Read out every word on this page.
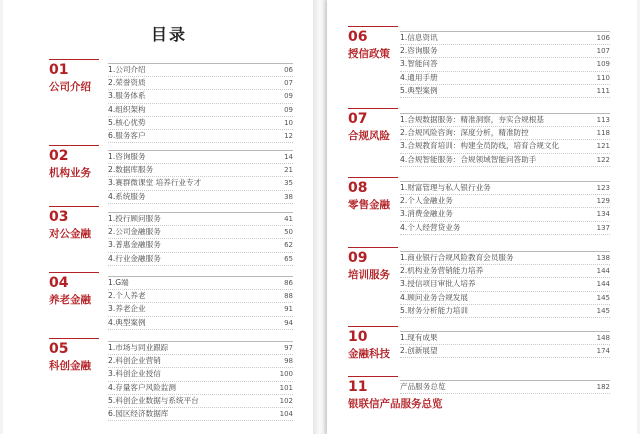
目录
01
公司介绍
1.公司介绍	06
2.荣誉资质	07
3.服务体系	09
4.组织架构	09
5.核心优势	10
6.服务客户	12
02
机构业务
1.咨询服务	14
2.数据库服务	21
3.赛群微课堂 培养行业专才	35
4.系统服务	38
03
对公金融
1.投行顾问服务	41
2.公司金融服务	50
3.普惠金融服务	62
4.行业金融服务	65
04
养老金融
1.G端	86
2.个人养老	88
3.养老企业	91
4.典型案例	94
05
科创金融
1.市场与同业跟踪	97
2.科创企业营销	98
3.科创企业授信	100
4.存量客户风险监测	101
5.科创企业数据与系统平台	102
6.园区经济数据库	104
06
授信政策
1.信息资讯	106
2.咨询服务	107
3.智能问答	109
4.通用手册	110
5.典型案例	111
07
合规风险
1.合规数据服务：精准洞察，夯实合规根基	113
2.合规风险咨询：深度分析，精准防控	118
3.合规教育培训：构建全员防线，培育合规文化	121
4.合规智能服务：合规领域智能问答助手	122
08
零售金融
1.财富管理与私人银行业务	123
2.个人金融业务	129
3.消费金融业务	134
4.个人经营贷业务	137
09
培训服务
1.商业银行合规风险教育会员服务	138
2.机构业务营销能力培养	144
3.授信项目审批人培养	144
4.顾问业务合规发展	145
5.财务分析能力培训	145
10
金融科技
1.现有成果	148
2.创新展望	174
11
银联信产品服务总览
产品服务总览	182
